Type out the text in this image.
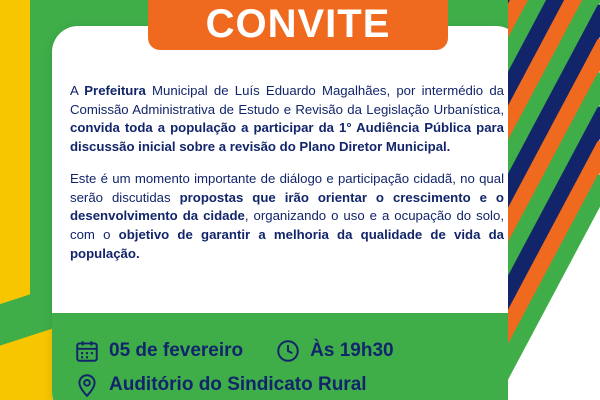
A Prefeitura Municipal de Luís Eduardo Magalhães, por intermédio da Comissão Administrativa de Estudo e Revisão da Legislação Urbanística, convida toda a população a participar da 1° Audiência Pública para discussão inicial sobre a revisão do Plano Diretor Municipal.

Este é um momento importante de diálogo e participação cidadã, no qual serão discutidas propostas que irão orientar o crescimento e o desenvolvimento da cidade, organizando o uso e a ocupação do solo, com o objetivo de garantir a melhoria da qualidade de vida da população.

05 de fevereiro	Às 19h30
Auditório do Sindicato Rural
CONVITE
